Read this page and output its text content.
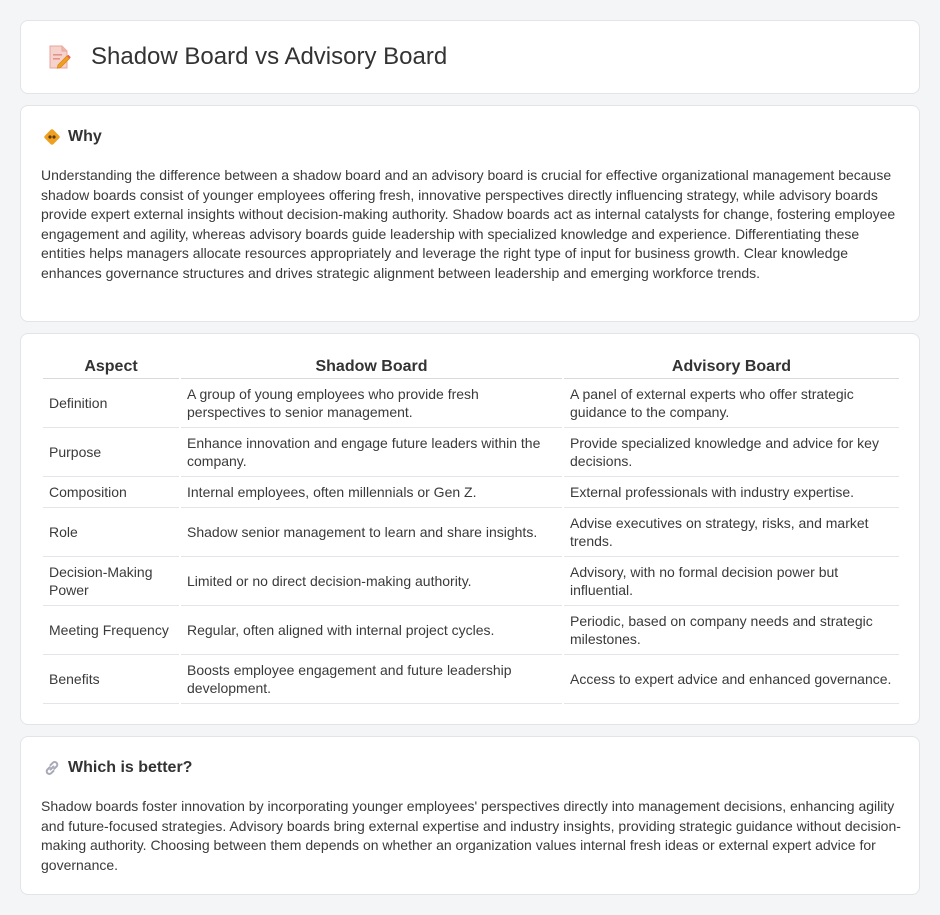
Shadow Board vs Advisory Board
Why

Understanding the difference between a shadow board and an advisory board is crucial for effective organizational management because shadow boards consist of younger employees offering fresh, innovative perspectives directly influencing strategy, while advisory boards provide expert external insights without decision-making authority. Shadow boards act as internal catalysts for change, fostering employee engagement and agility, whereas advisory boards guide leadership with specialized knowledge and experience. Differentiating these entities helps managers allocate resources appropriately and leverage the right type of input for business growth. Clear knowledge enhances governance structures and drives strategic alignment between leadership and emerging workforce trends.

Aspect	Shadow Board	Advisory Board
Definition	A group of young employees who provide fresh perspectives to senior management.	A panel of external experts who offer strategic guidance to the company.
Purpose	Enhance innovation and engage future leaders within the company.	Provide specialized knowledge and advice for key decisions.
Composition	Internal employees, often millennials or Gen Z.	External professionals with industry expertise.
Role	Shadow senior management to learn and share insights.	Advise executives on strategy, risks, and market trends.
Decision-Making Power	Limited or no direct decision-making authority.	Advisory, with no formal decision power but influential.
Meeting Frequency	Regular, often aligned with internal project cycles.	Periodic, based on company needs and strategic milestones.
Benefits	Boosts employee engagement and future leadership development.	Access to expert advice and enhanced governance.
Which is better?

Shadow boards foster innovation by incorporating younger employees' perspectives directly into management decisions, enhancing agility and future-focused strategies. Advisory boards bring external expertise and industry insights, providing strategic guidance without decision-making authority. Choosing between them depends on whether an organization values internal fresh ideas or external expert advice for governance.
